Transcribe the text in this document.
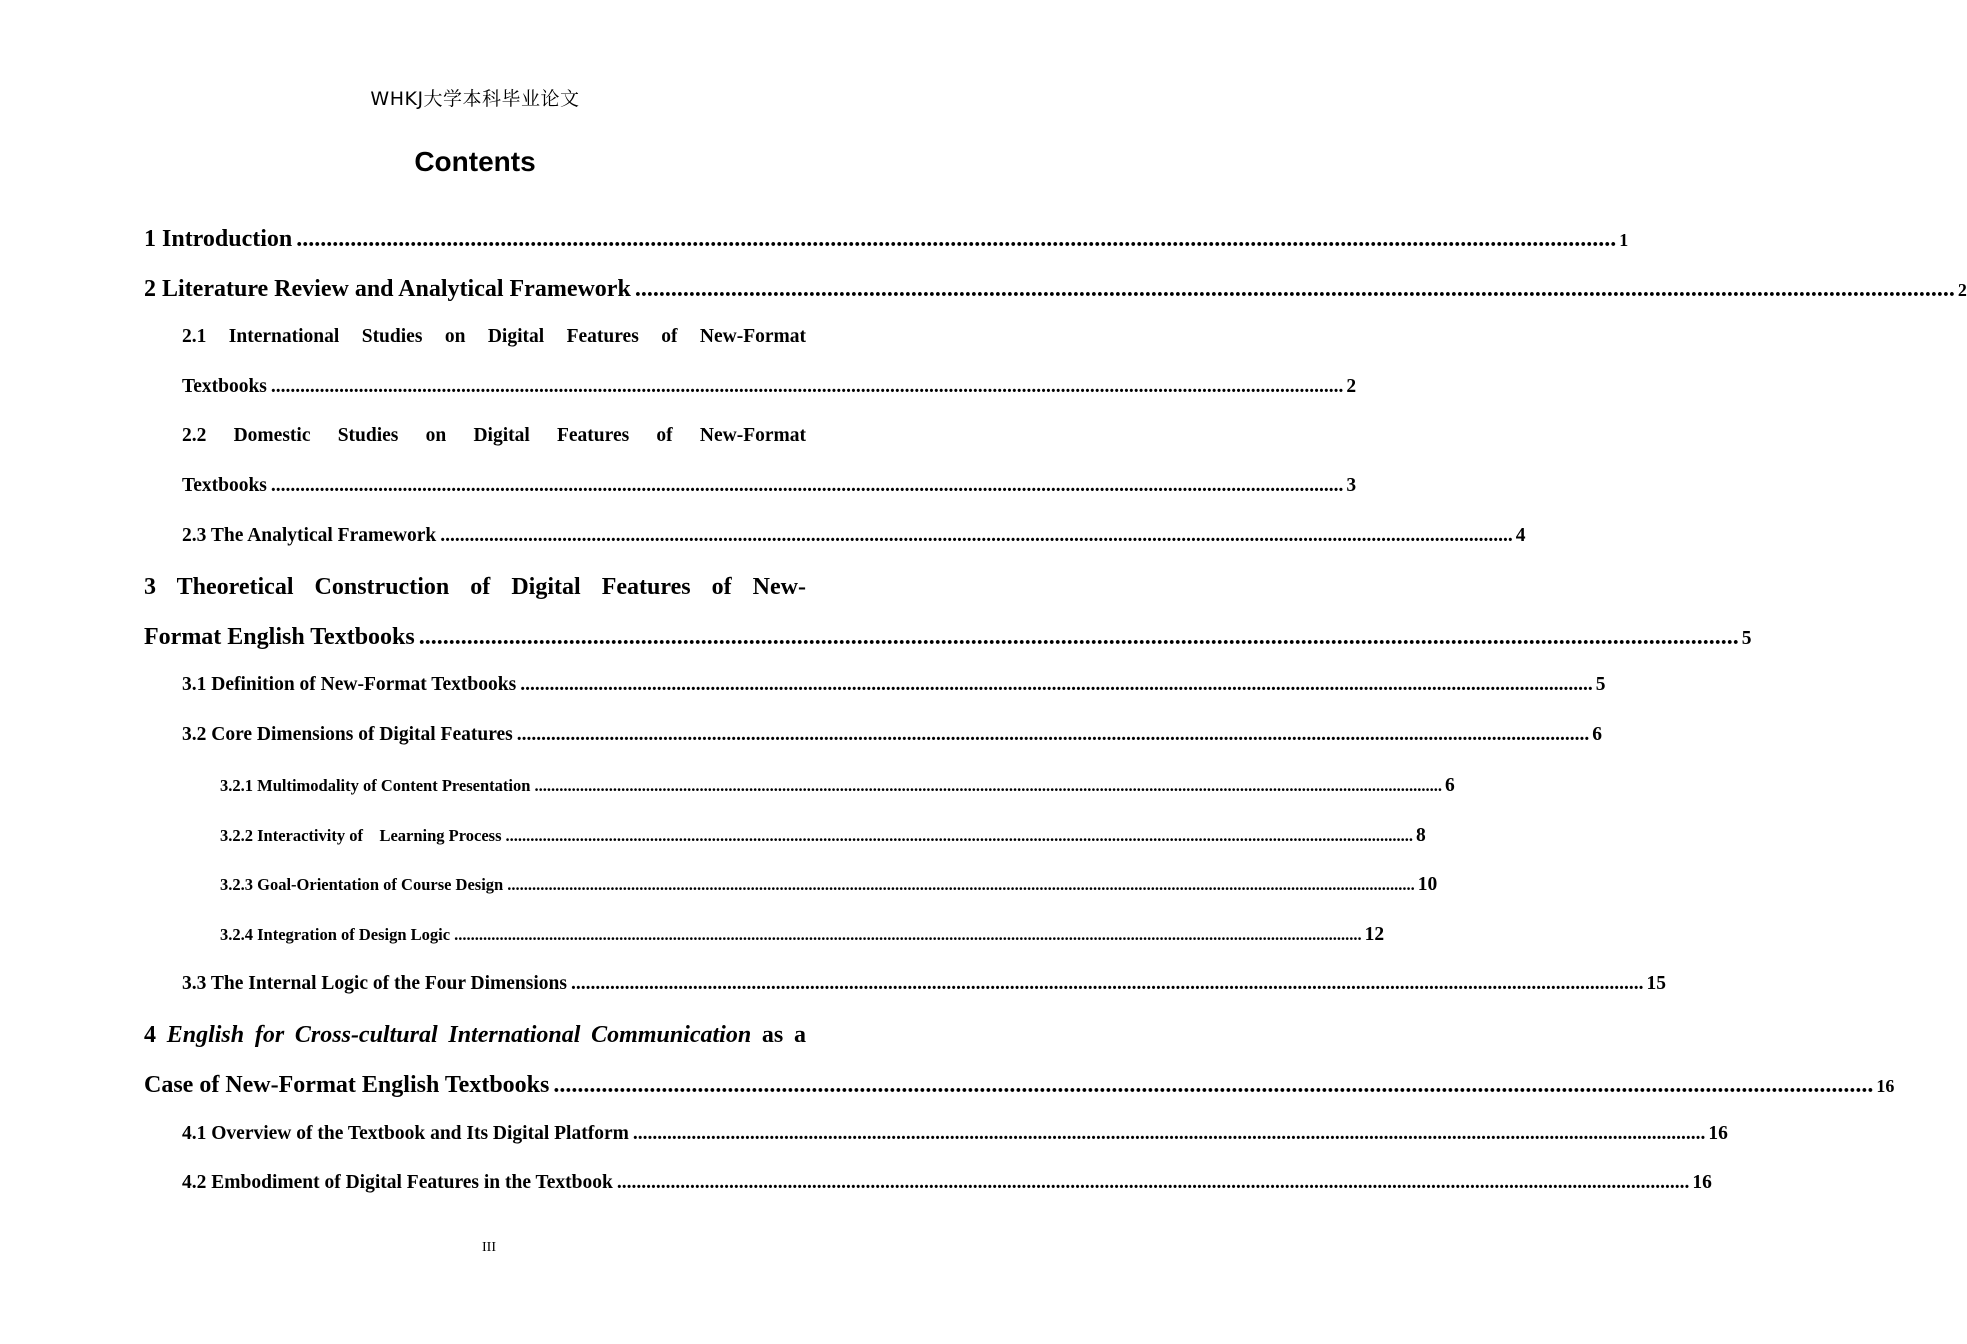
WHKJ大学本科毕业论文
Contents
1 Introduction ............................................................................................................................................................................................................................ 1
2 Literature Review and Analytical Framework ............................................................................................................................................................................................................................ 2
2.1 International Studies on Digital Features of New-Format
Textbooks ............................................................................................................................................................................................................................ 2
2.2 Domestic Studies on Digital Features of New-Format
Textbooks ............................................................................................................................................................................................................................ 3
2.3 The Analytical Framework ............................................................................................................................................................................................................................ 4
3 Theoretical Construction of Digital Features of New-
Format English Textbooks ............................................................................................................................................................................................................................ 5
3.1 Definition of New-Format Textbooks ............................................................................................................................................................................................................................ 5
3.2 Core Dimensions of Digital Features ............................................................................................................................................................................................................................ 6
3.2.1 Multimodality of Content Presentation ............................................................................................................................................................................................................................ 6
3.2.2 Interactivity of    Learning Process ............................................................................................................................................................................................................................ 8
3.2.3 Goal-Orientation of Course Design ............................................................................................................................................................................................................................ 10
3.2.4 Integration of Design Logic ............................................................................................................................................................................................................................ 12
3.3 The Internal Logic of the Four Dimensions ............................................................................................................................................................................................................................ 15
4 English for Cross-cultural International Communication as a
Case of New-Format English Textbooks ............................................................................................................................................................................................................................ 16
4.1 Overview of the Textbook and Its Digital Platform ............................................................................................................................................................................................................................ 16
4.2 Embodiment of Digital Features in the Textbook ............................................................................................................................................................................................................................ 16
III
